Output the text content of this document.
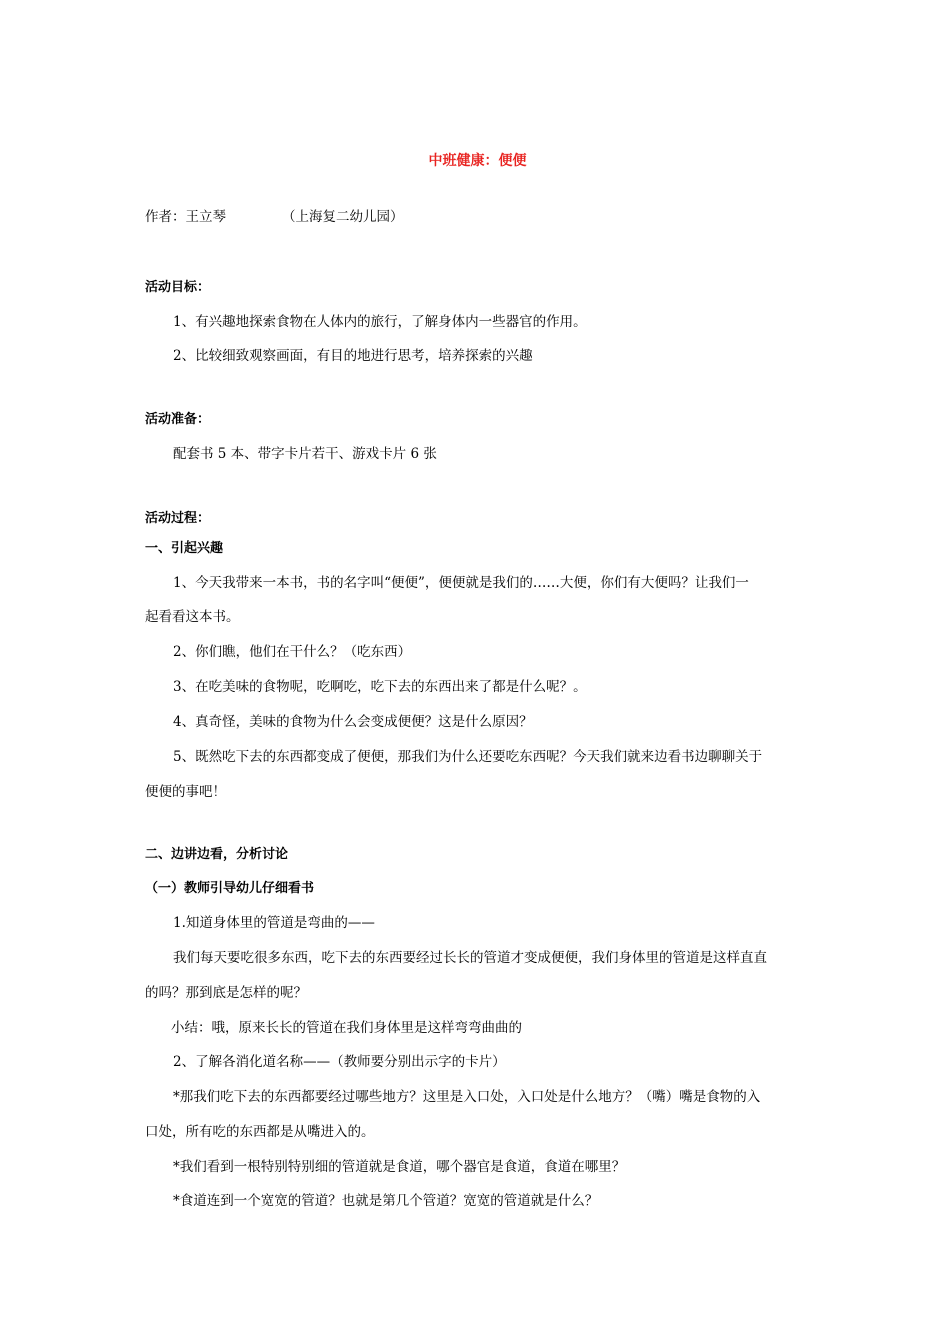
中班健康：便便
作者：王立琴	（上海复二幼儿园）
活动目标：
1、有兴趣地探索食物在人体内的旅行，了解身体内一些器官的作用。
2、比较细致观察画面，有目的地进行思考，培养探索的兴趣
活动准备：
配套书 5 本、带字卡片若干、游戏卡片 6 张
活动过程：
一、引起兴趣
1、今天我带来一本书，书的名字叫“便便”，便便就是我们的……大便，你们有大便吗？让我们一
起看看这本书。
2、你们瞧，他们在干什么？（吃东西）
3、在吃美味的食物呢，吃啊吃，吃下去的东西出来了都是什么呢？。
4、真奇怪，美味的食物为什么会变成便便？这是什么原因？
5、既然吃下去的东西都变成了便便，那我们为什么还要吃东西呢？今天我们就来边看书边聊聊关于
便便的事吧！
二、边讲边看，分析讨论
（一）教师引导幼儿仔细看书
1.知道身体里的管道是弯曲的——
我们每天要吃很多东西，吃下去的东西要经过长长的管道才变成便便，我们身体里的管道是这样直直
的吗？那到底是怎样的呢？
小结：哦，原来长长的管道在我们身体里是这样弯弯曲曲的
2、了解各消化道名称——（教师要分别出示字的卡片）
*那我们吃下去的东西都要经过哪些地方？这里是入口处，入口处是什么地方？（嘴）嘴是食物的入
口处，所有吃的东西都是从嘴进入的。
*我们看到一根特别特别细的管道就是食道，哪个器官是食道，食道在哪里？
*食道连到一个宽宽的管道？也就是第几个管道？宽宽的管道就是什么？
